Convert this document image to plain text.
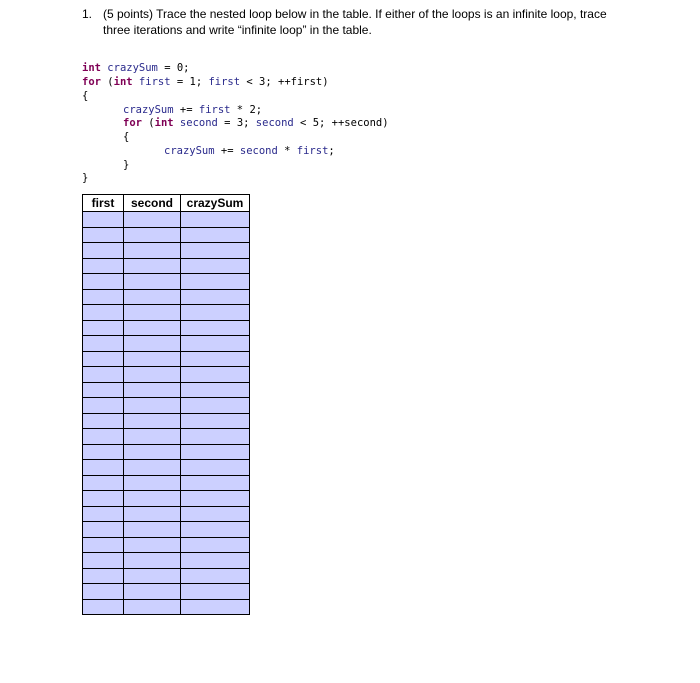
1. (5 points) Trace the nested loop below in the table. If either of the loops is an infinite loop, trace three iterations and write “infinite loop” in the table.

int crazySum = 0;

for (int first = 1; first < 3; ++first)

{

crazySum += first * 2;

for (int second = 3; second < 5; ++second)

{

crazySum += second * first;

}

}

first	second	crazySum
